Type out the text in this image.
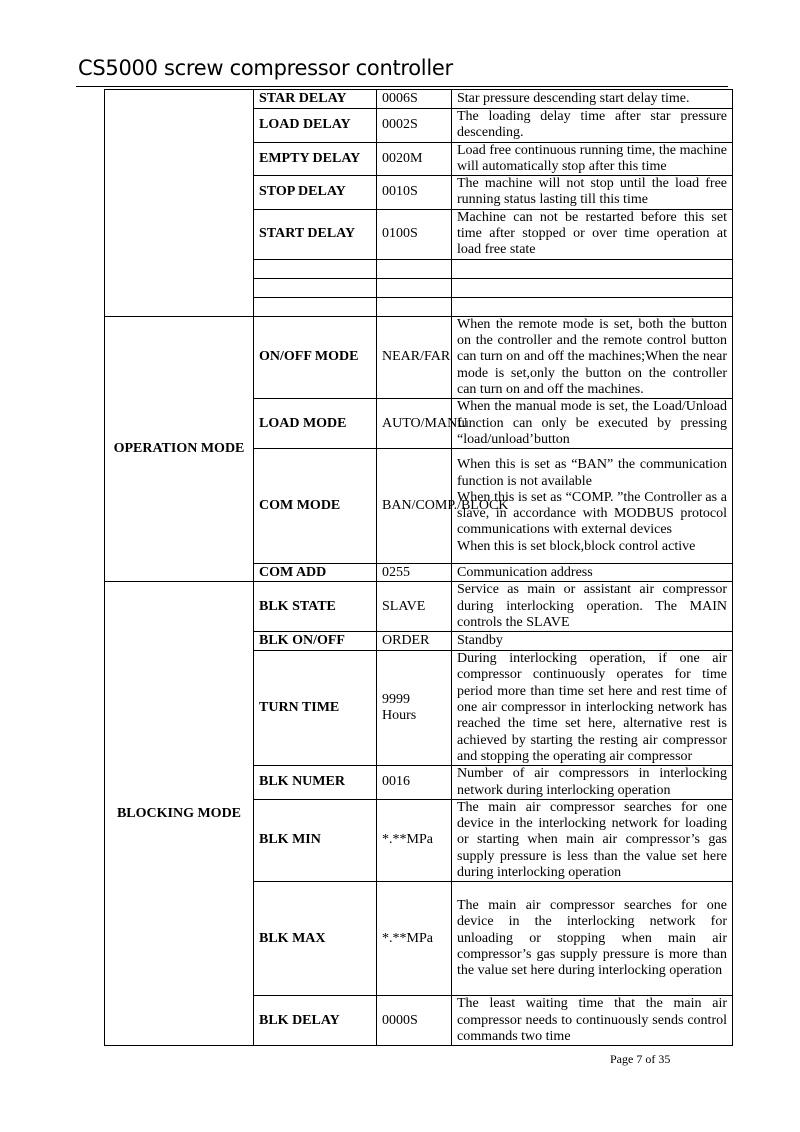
CS5000 screw compressor controller
	STAR DELAY	0006S	Star pressure descending start delay time.
	LOAD DELAY	0002S	The loading delay time after star pressure descending.
	EMPTY DELAY	0020M	Load free continuous running time, the machine will automatically stop after this time
	STOP DELAY	0010S	The machine will not stop until the load free running status lasting till this time
	START DELAY	0100S	Machine can not be restarted before this set time after stopped or over time operation at load free state

OPERATION MODE	ON/OFF MODE	NEAR/FAR	When the remote mode is set, both the button on the controller and the remote control button can turn on and off the machines;When the near mode is set,only the button on the controller can turn on and off the machines.
	LOAD MODE	AUTO/MANU	When the manual mode is set, the Load/Unload function can only be executed by pressing “load/unload’button
	COM MODE	BAN/COMP./BLOCK	When this is set as “BAN” the communication function is not available
When this is set as “COMP. ”the Controller as a slave, in accordance with MODBUS protocol communications with external devices
When this is set block,block control active

	COM ADD	0255	Communication address
BLOCKING MODE	BLK STATE	SLAVE	Service as main or assistant air compressor during interlocking operation. The MAIN controls the SLAVE
	BLK ON/OFF	ORDER	Standby
	TURN TIME	9999 Hours	During interlocking operation, if one air compressor continuously operates for time period more than time set here and rest time of one air compressor in interlocking network has reached the time set here, alternative rest is achieved by starting the resting air compressor and stopping the operating air compressor
	BLK NUMER	0016	Number of air compressors in interlocking network during interlocking operation
	BLK MIN	*.**MPa	The main air compressor searches for one device in the interlocking network for loading or starting when main air compressor’s gas supply pressure is less than the value set here during interlocking operation
	BLK MAX	*.**MPa	The main air compressor searches for one device in the interlocking network for unloading or stopping when main air compressor’s gas supply pressure is more than the value set here during interlocking operation
	BLK DELAY	0000S	The least waiting time that the main air compressor needs to continuously sends control commands two time
Page 7 of 35
